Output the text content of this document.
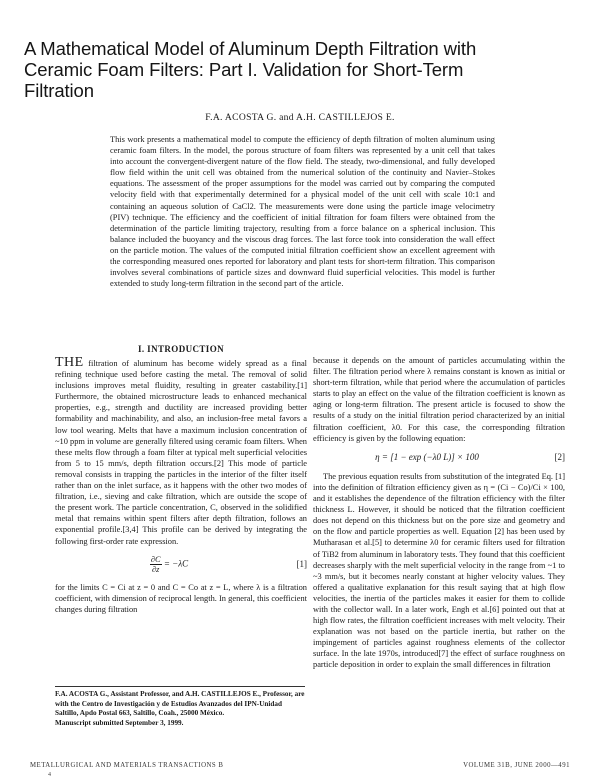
A Mathematical Model of Aluminum Depth Filtration with
Ceramic Foam Filters: Part I. Validation for Short-Term
Filtration
F.A. ACOSTA G. and A.H. CASTILLEJOS E.
This work presents a mathematical model to compute the efficiency of depth filtration of molten aluminum using ceramic foam filters. In the model, the porous structure of foam filters was represented by a unit cell that takes into account the convergent-divergent nature of the flow field. The steady, two-dimensional, and fully developed flow field within the unit cell was obtained from the numerical solution of the continuity and Navier–Stokes equations. The assessment of the proper assumptions for the model was carried out by comparing the computed velocity field with that experimentally determined for a physical model of the unit cell with scale 10:1 and containing an aqueous solution of CaCl2. The measurements were done using the particle image velocimetry (PIV) technique. The efficiency and the coefficient of initial filtration for foam filters were obtained from the determination of the particle limiting trajectory, resulting from a force balance on a spherical inclusion. This balance included the buoyancy and the viscous drag forces. The last force took into consideration the wall effect on the particle motion. The values of the computed initial filtration coefficient show an excellent agreement with the corresponding measured ones reported for laboratory and plant tests for short-term filtration. This comparison involves several combinations of particle sizes and downward fluid superficial velocities. This model is further extended to study long-term filtration in the second part of the article.
I. INTRODUCTION

THE filtration of aluminum has become widely spread as a final refining technique used before casting the metal. The removal of solid inclusions improves metal fluidity, resulting in greater castability.[1] Furthermore, the obtained microstructure leads to enhanced mechanical properties, e.g., strength and ductility are increased providing better formability and machinability, and also, an inclusion-free metal favors a low tool wearing. Melts that have a maximum inclusion concentration of ~10 ppm in volume are generally filtered using ceramic foam filters. When these melts flow through a foam filter at typical melt superficial velocities from 5 to 15 mm/s, depth filtration occurs.[2] This mode of particle removal consists in trapping the particles in the interior of the filter itself rather than on the inlet surface, as it happens with the other two modes of filtration, i.e., sieving and cake filtration, which are outside the scope of the present work. The particle concentration, C, observed in the solidified metal that remains within spent filters after depth filtration, follows an exponential profile.[3,4] This profile can be derived by integrating the following first-order rate expression.

$\frac{\partial C}{\partial z} = -\lambda C$	[1]

for the limits C = Ci at z = 0 and C = Co at z = L, where λ is a filtration coefficient, with dimension of reciprocal length. In general, this coefficient changes during filtration

because it depends on the amount of particles accumulating within the filter. The filtration period where λ remains constant is known as initial or short-term filtration, while that period where the accumulation of particles starts to play an effect on the value of the filtration coefficient is known as aging or long-term filtration. The present article is focused to show the results of a study on the initial filtration period characterized by an initial filtration coefficient, λ0. For this case, the corresponding filtration efficiency is given by the following equation:

η = [1 − exp (−λ0 L)] × 100	[2]

The previous equation results from substitution of the integrated Eq. [1] into the definition of filtration efficiency given as η = (Ci − Co)/Ci × 100, and it establishes the dependence of the filtration efficiency with the filter thickness L. However, it should be noticed that the filtration coefficient does not depend on this thickness but on the pore size and geometry and on the flow and particle properties as well. Equation [2] has been used by Mutharasan et al.[5] to determine λ0 for ceramic filters used for filtration of TiB2 from aluminum in laboratory tests. They found that this coefficient decreases sharply with the melt superficial velocity in the range from ~1 to ~3 mm/s, but it becomes nearly constant at higher velocity values. They offered a qualitative explanation for this result saying that at high flow velocities, the inertia of the particles makes it easier for them to collide with the collector wall. In a later work, Engh et al.[6] pointed out that at high flow rates, the filtration coefficient increases with melt velocity. Their explanation was not based on the particle inertia, but rather on the impingement of particles against roughness elements of the collector surface. In the late 1970s, introduced[7] the effect of surface roughness on particle deposition in order to explain the small differences in filtration

F.A. ACOSTA G., Assistant Professor, and A.H. CASTILLEJOS E., Professor, are with the Centro de Investigación y de Estudios Avanzados del IPN-Unidad Saltillo, Apdo Postal 663, Saltillo, Coah., 25000 México.

Manuscript submitted September 3, 1999.

METALLURGICAL AND MATERIALS TRANSACTIONS B	VOLUME 31B, JUNE 2000—491
4
